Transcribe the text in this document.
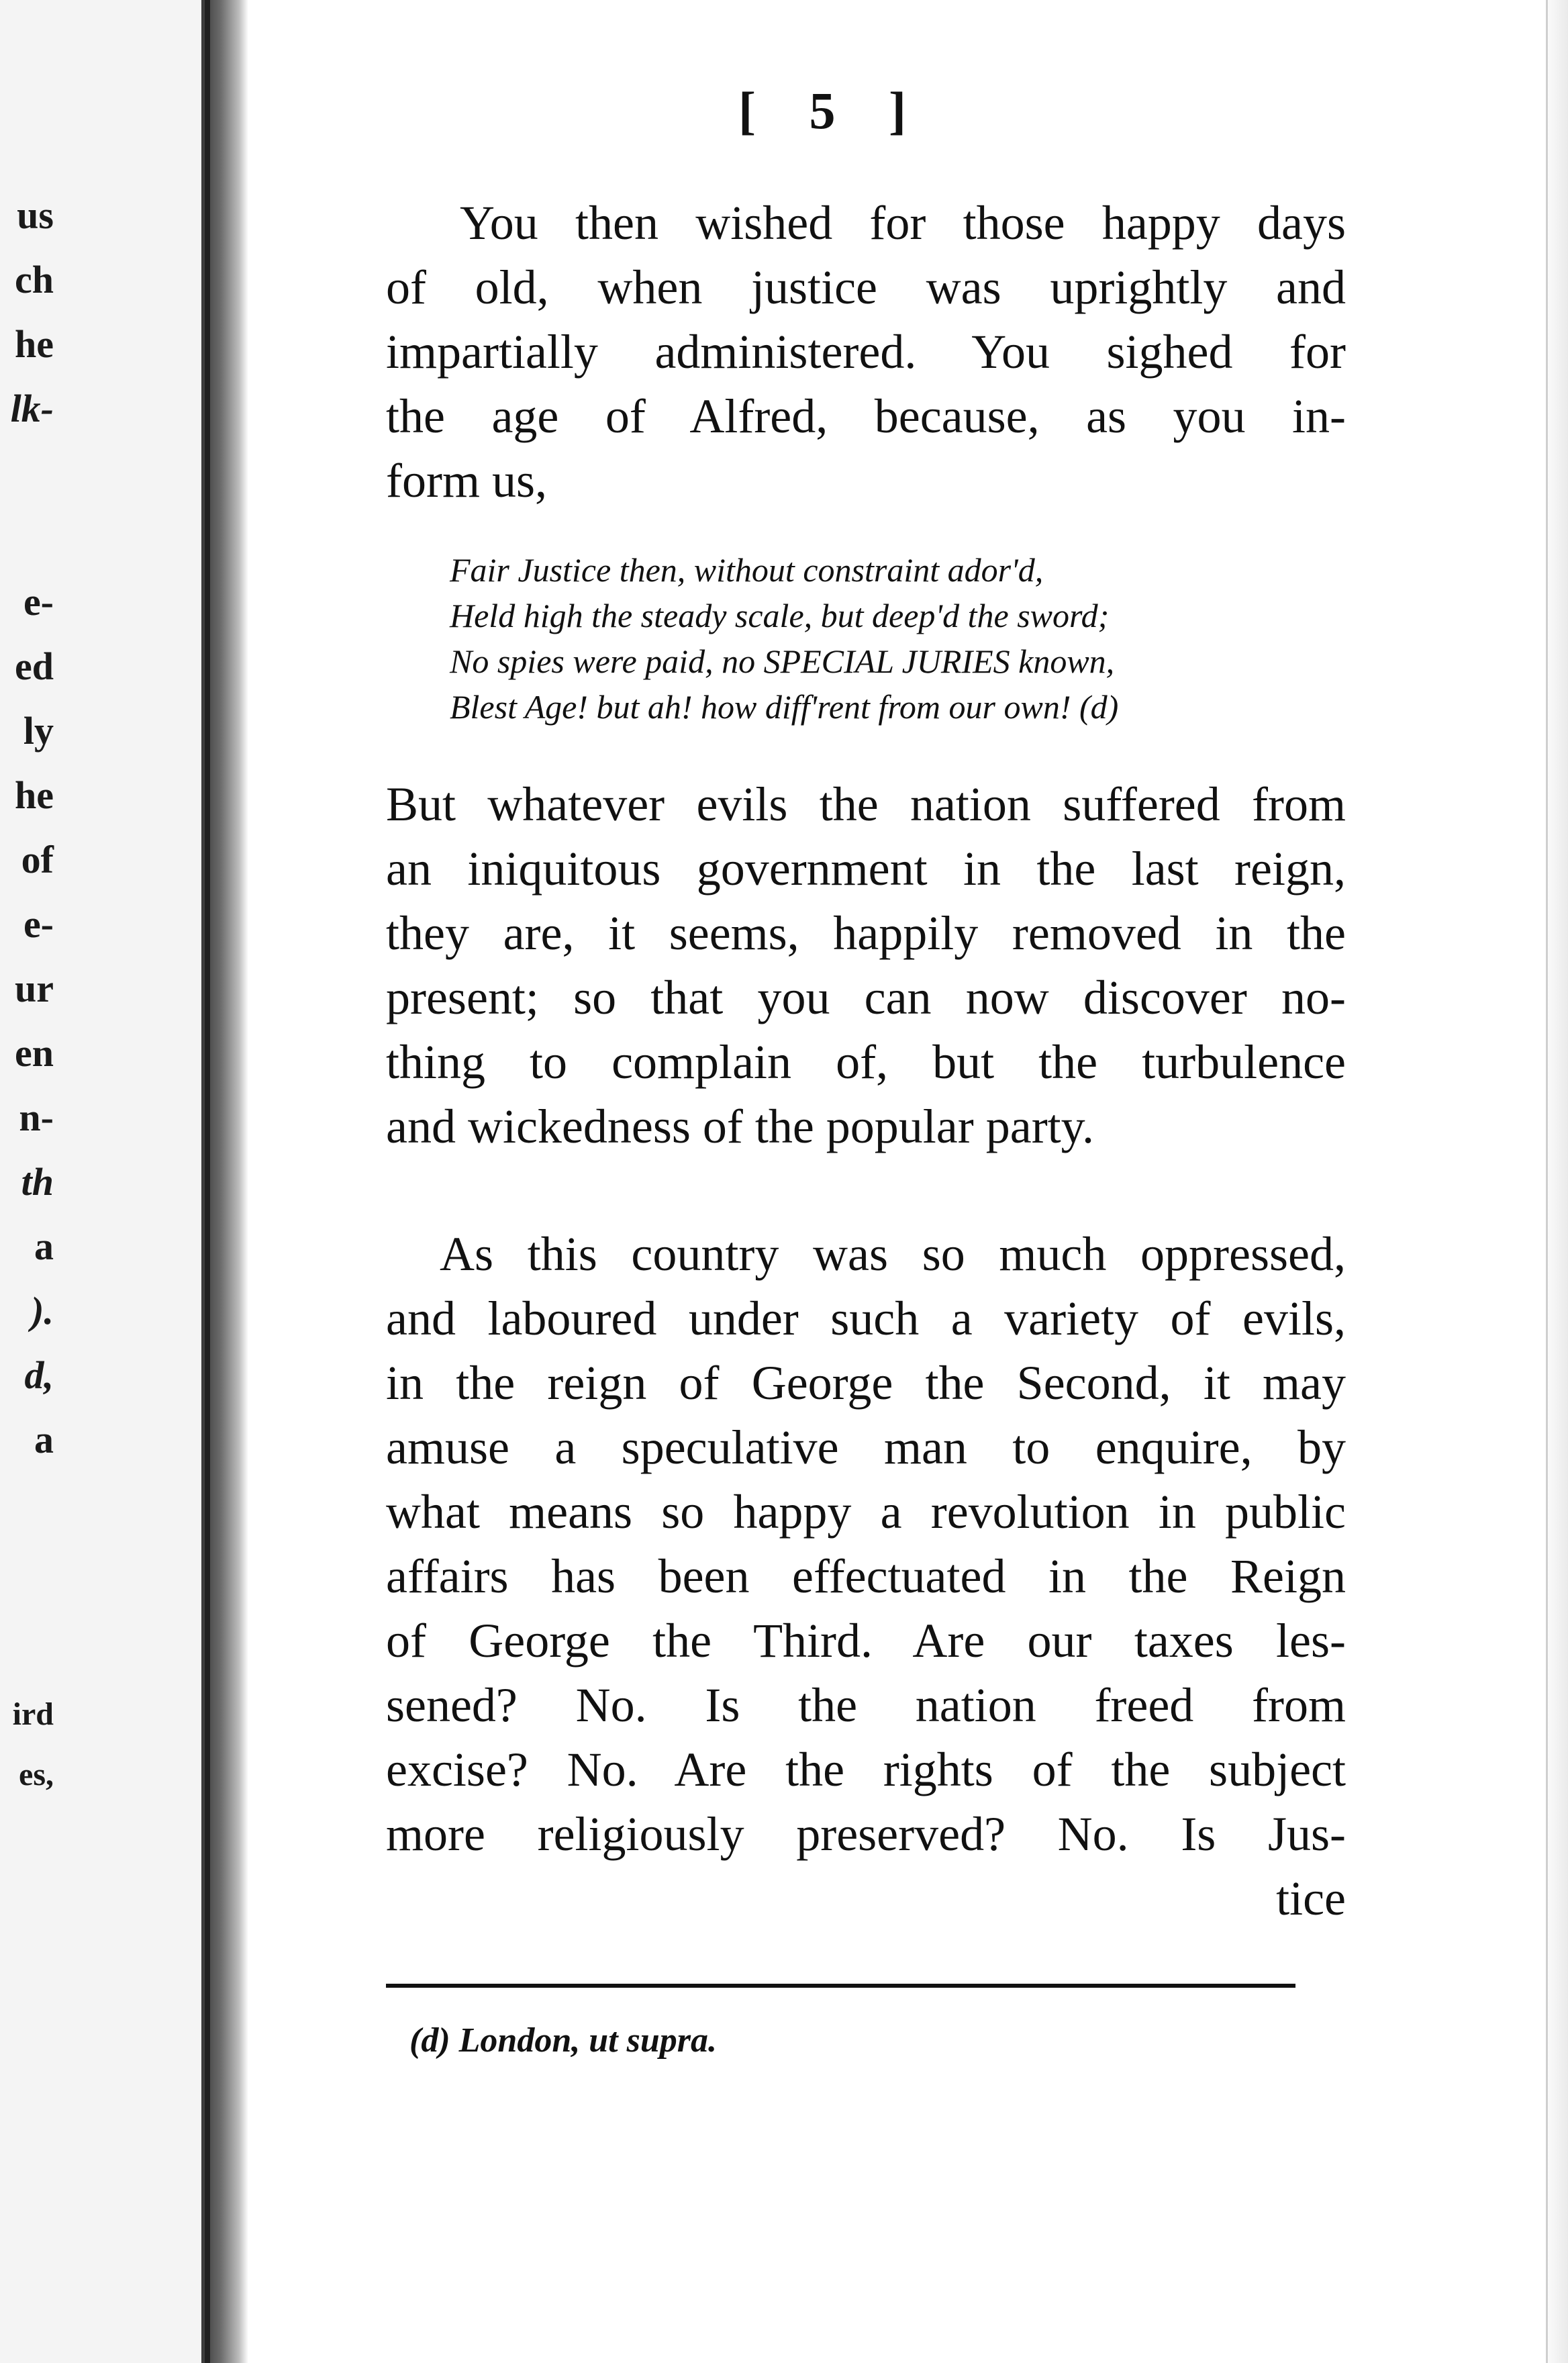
us
ch
he
lk-
e-
ed
ly
he
of
e-
ur
en
n-
th
a
).
d,
a
ird
es,
[ 5 ]
You then wished for those happy days
of old, when justice was uprightly and
impartially administered. You sighed for
the age of Alfred, because, as you in-
form us,
Fair Justice then, without constraint ador'd,
Held high the steady scale, but deep'd the sword;
No spies were paid, no SPECIAL JURIES known,
Blest Age! but ah! how diff'rent from our own! (d)
But whatever evils the nation suffered from
an iniquitous government in the last reign,
they are, it seems, happily removed in the
present; so that you can now discover no-
thing to complain of, but the turbulence
and wickedness of the popular party.
As this country was so much oppressed,
and laboured under such a variety of evils,
in the reign of George the Second, it may
amuse a speculative man to enquire, by
what means so happy a revolution in public
affairs has been effectuated in the Reign
of George the Third. Are our taxes les-
sened? No. Is the nation freed from
excise? No. Are the rights of the subject
more religiously preserved? No. Is Jus-
tice
(d) London, ut supra.
